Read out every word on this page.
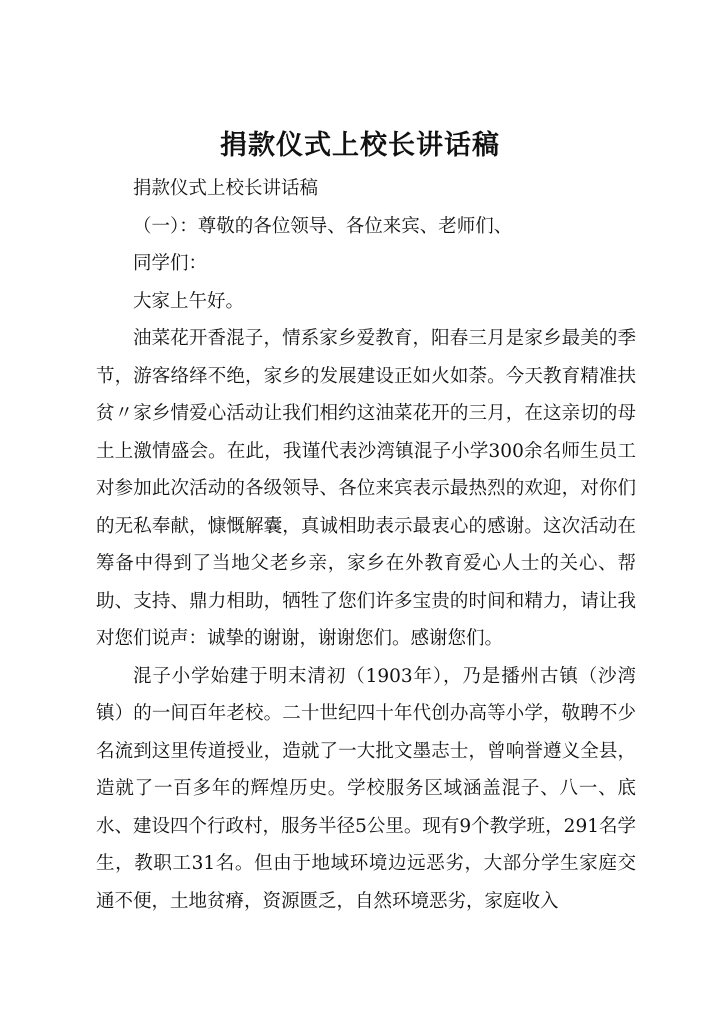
捐款仪式上校长讲话稿

捐款仪式上校长讲话稿

（一）：尊敬的各位领导、各位来宾、老师们、

同学们：

大家上午好。

油菜花开香混子，情系家乡爱教育，阳春三月是家乡最美的季节，游客络绎不绝，家乡的发展建设正如火如荼。今天教育精准扶贫〃家乡情爱心活动让我们相约这油菜花开的三月，在这亲切的母土上激情盛会。在此，我谨代表沙湾镇混子小学300余名师生员工对参加此次活动的各级领导、各位来宾表示最热烈的欢迎，对你们的无私奉献，慷慨解囊，真诚相助表示最衷心的感谢。这次活动在筹备中得到了当地父老乡亲，家乡在外教育爱心人士的关心、帮助、支持、鼎力相助，牺牲了您们许多宝贵的时间和精力，请让我对您们说声：诚挚的谢谢，谢谢您们。感谢您们。

混子小学始建于明末清初（1903年），乃是播州古镇（沙湾镇）的一间百年老校。二十世纪四十年代创办高等小学，敬聘不少名流到这里传道授业，造就了一大批文墨志士，曾响誉遵义全县，造就了一百多年的辉煌历史。学校服务区域涵盖混子、八一、底水、建设四个行政村，服务半径5公里。现有9个教学班，291名学生，教职工31名。但由于地域环境边远恶劣，大部分学生家庭交通不便，土地贫瘠，资源匮乏，自然环境恶劣，家庭收入
